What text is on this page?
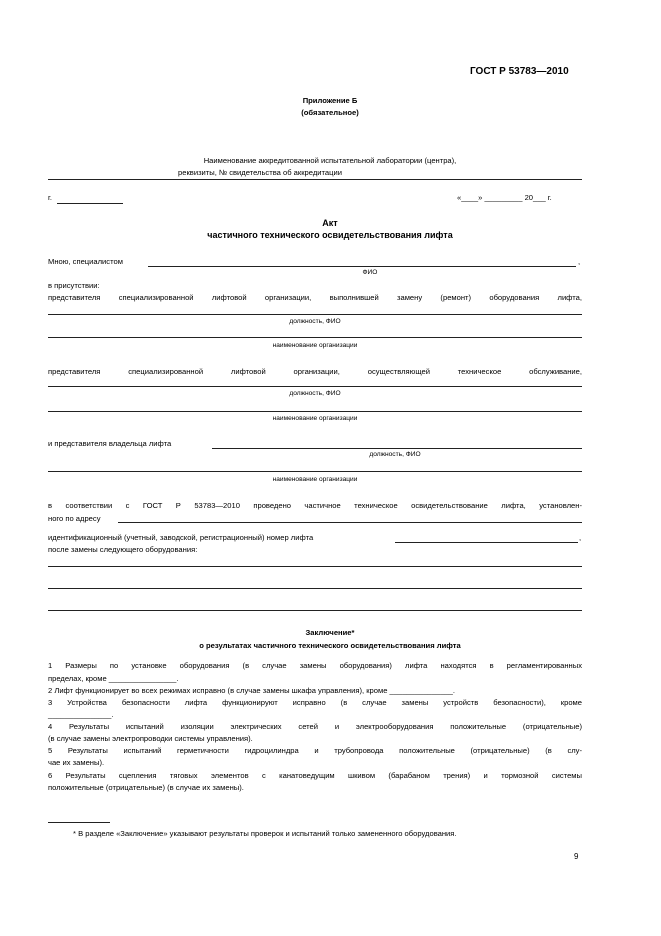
ГОСТ Р 53783—2010
Приложение Б
(обязательное)
Наименование аккредитованной испытательной лаборатории (центра),
реквизиты, № свидетельства об аккредитации
г.	«____» _________ 20___ г.
Акт
частичного технического освидетельствования лифта
Мною, специалистом	,
ФИО
в присутствии:
представителя специализированной лифтовой организации, выполнившей замену (ремонт) оборудования лифта,
должность, ФИО
наименование организации
представителя специализированной лифтовой организации, осуществляющей техническое обслуживание,
должность, ФИО
наименование организации
и представителя владельца лифта
должность, ФИО
наименование организации
в соответствии с ГОСТ Р 53783—2010 проведено частичное техническое освидетельствование лифта, установлен-
ного по адресу
идентификационный (учетный, заводской, регистрационный) номер лифта	,
после замены следующего оборудования:
Заключение*
о результатах частичного технического освидетельствования лифта
1 Размеры по установке оборудования (в случае замены оборудования) лифта находятся в регламентированных
пределах, кроме ________________.
2 Лифт функционирует во всех режимах исправно (в случае замены шкафа управления), кроме _______________.
3 Устройства безопасности лифта функционируют исправно (в случае замены устройств безопасности), кроме
_______________.
4 Результаты испытаний изоляции электрических сетей и электрооборудования положительные (отрицательные)
(в случае замены электропроводки системы управления).
5 Результаты испытаний герметичности гидроцилиндра и трубопровода положительные (отрицательные) (в слу-
чае их замены).
6 Результаты сцепления тяговых элементов с канатоведущим шкивом (барабаном трения) и тормозной системы
положительные (отрицательные) (в случае их замены).
* В разделе «Заключение» указывают результаты проверок и испытаний только замененного оборудования.
9
